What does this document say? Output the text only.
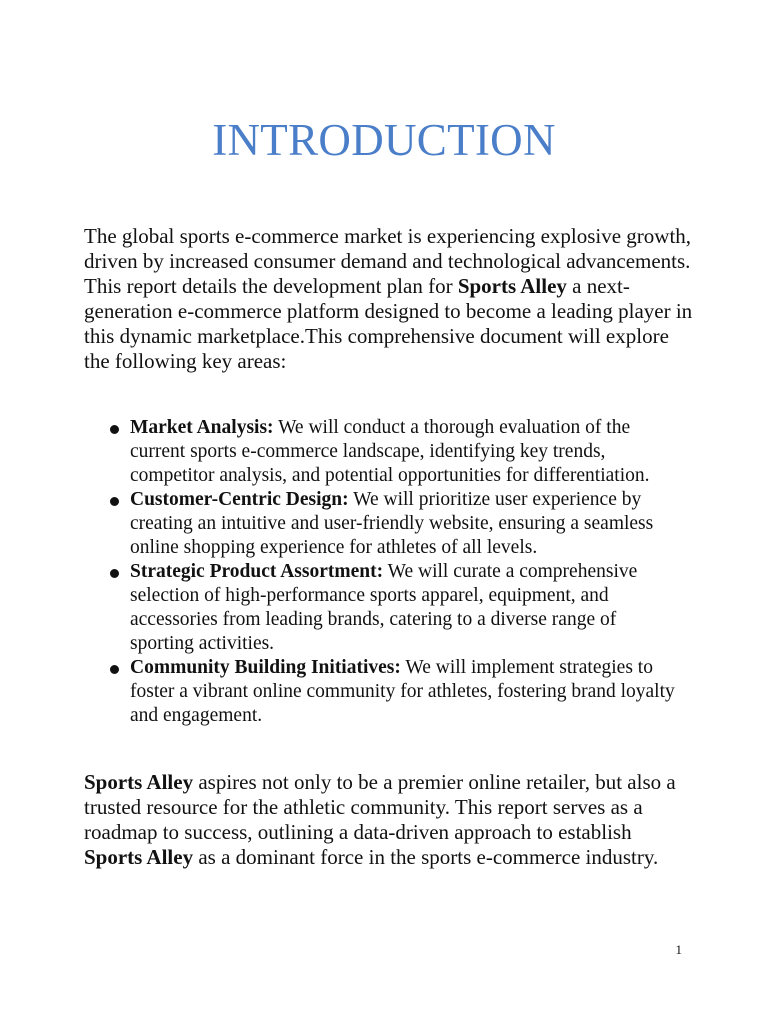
INTRODUCTION

The global sports e-commerce market is experiencing explosive growth, driven by increased consumer demand and technological advancements. This report details the development plan for Sports Alley a next-generation e-commerce platform designed to become a leading player in this dynamic marketplace.This comprehensive document will explore the following key areas:

Market Analysis: We will conduct a thorough evaluation of the current sports e-commerce landscape, identifying key trends, competitor analysis, and potential opportunities for differentiation.
Customer-Centric Design: We will prioritize user experience by creating an intuitive and user-friendly website, ensuring a seamless online shopping experience for athletes of all levels.
Strategic Product Assortment: We will curate a comprehensive selection of high-performance sports apparel, equipment, and accessories from leading brands, catering to a diverse range of sporting activities.
Community Building Initiatives: We will implement strategies to foster a vibrant online community for athletes, fostering brand loyalty and engagement.

Sports Alley aspires not only to be a premier online retailer, but also a trusted resource for the athletic community. This report serves as a roadmap to success, outlining a data-driven approach to establish Sports Alley as a dominant force in the sports e-commerce industry.

1
